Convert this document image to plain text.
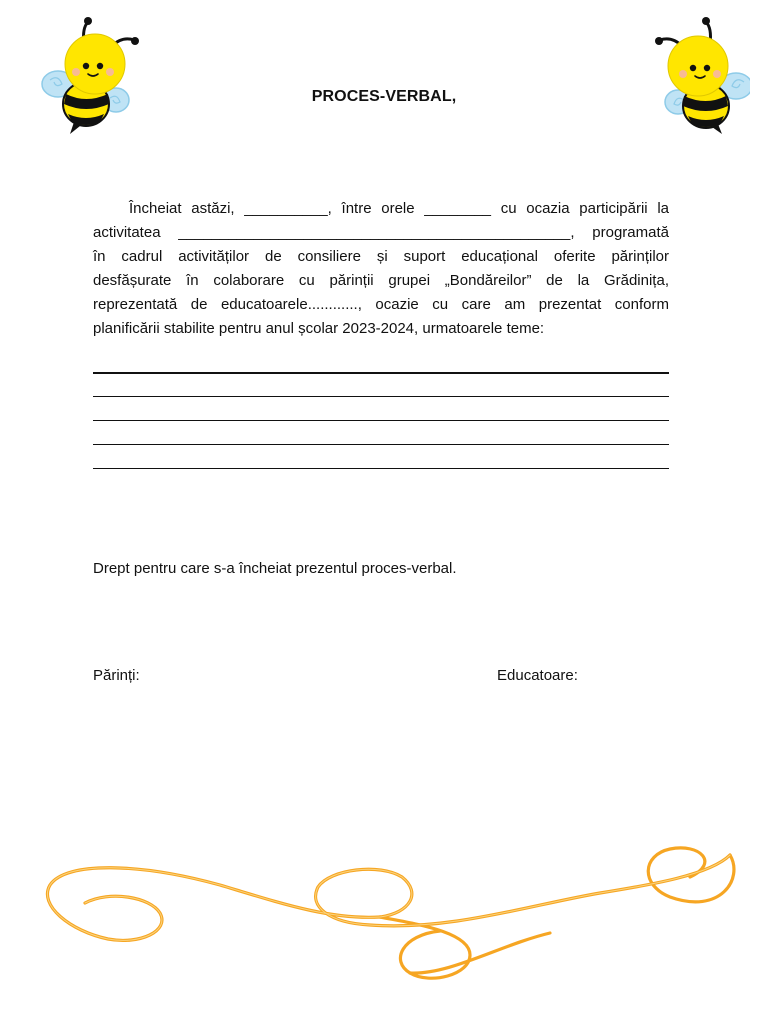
PROCES-VERBAL,
Încheiat astăzi, __________, între orele ________ cu ocazia participării la
activitatea _______________________________________________, programată
în cadrul activităților de consiliere și suport educațional oferite părinților
desfășurate în colaborare cu părinții grupei „Bondăreilor” de la Grădinița,
reprezentată de educatoarele............, ocazie cu care am prezentat conform
planificării stabilite pentru anul școlar 2023-2024, urmatoarele teme:
Drept pentru care s-a încheiat prezentul proces-verbal.
Părinți:	Educatoare:
